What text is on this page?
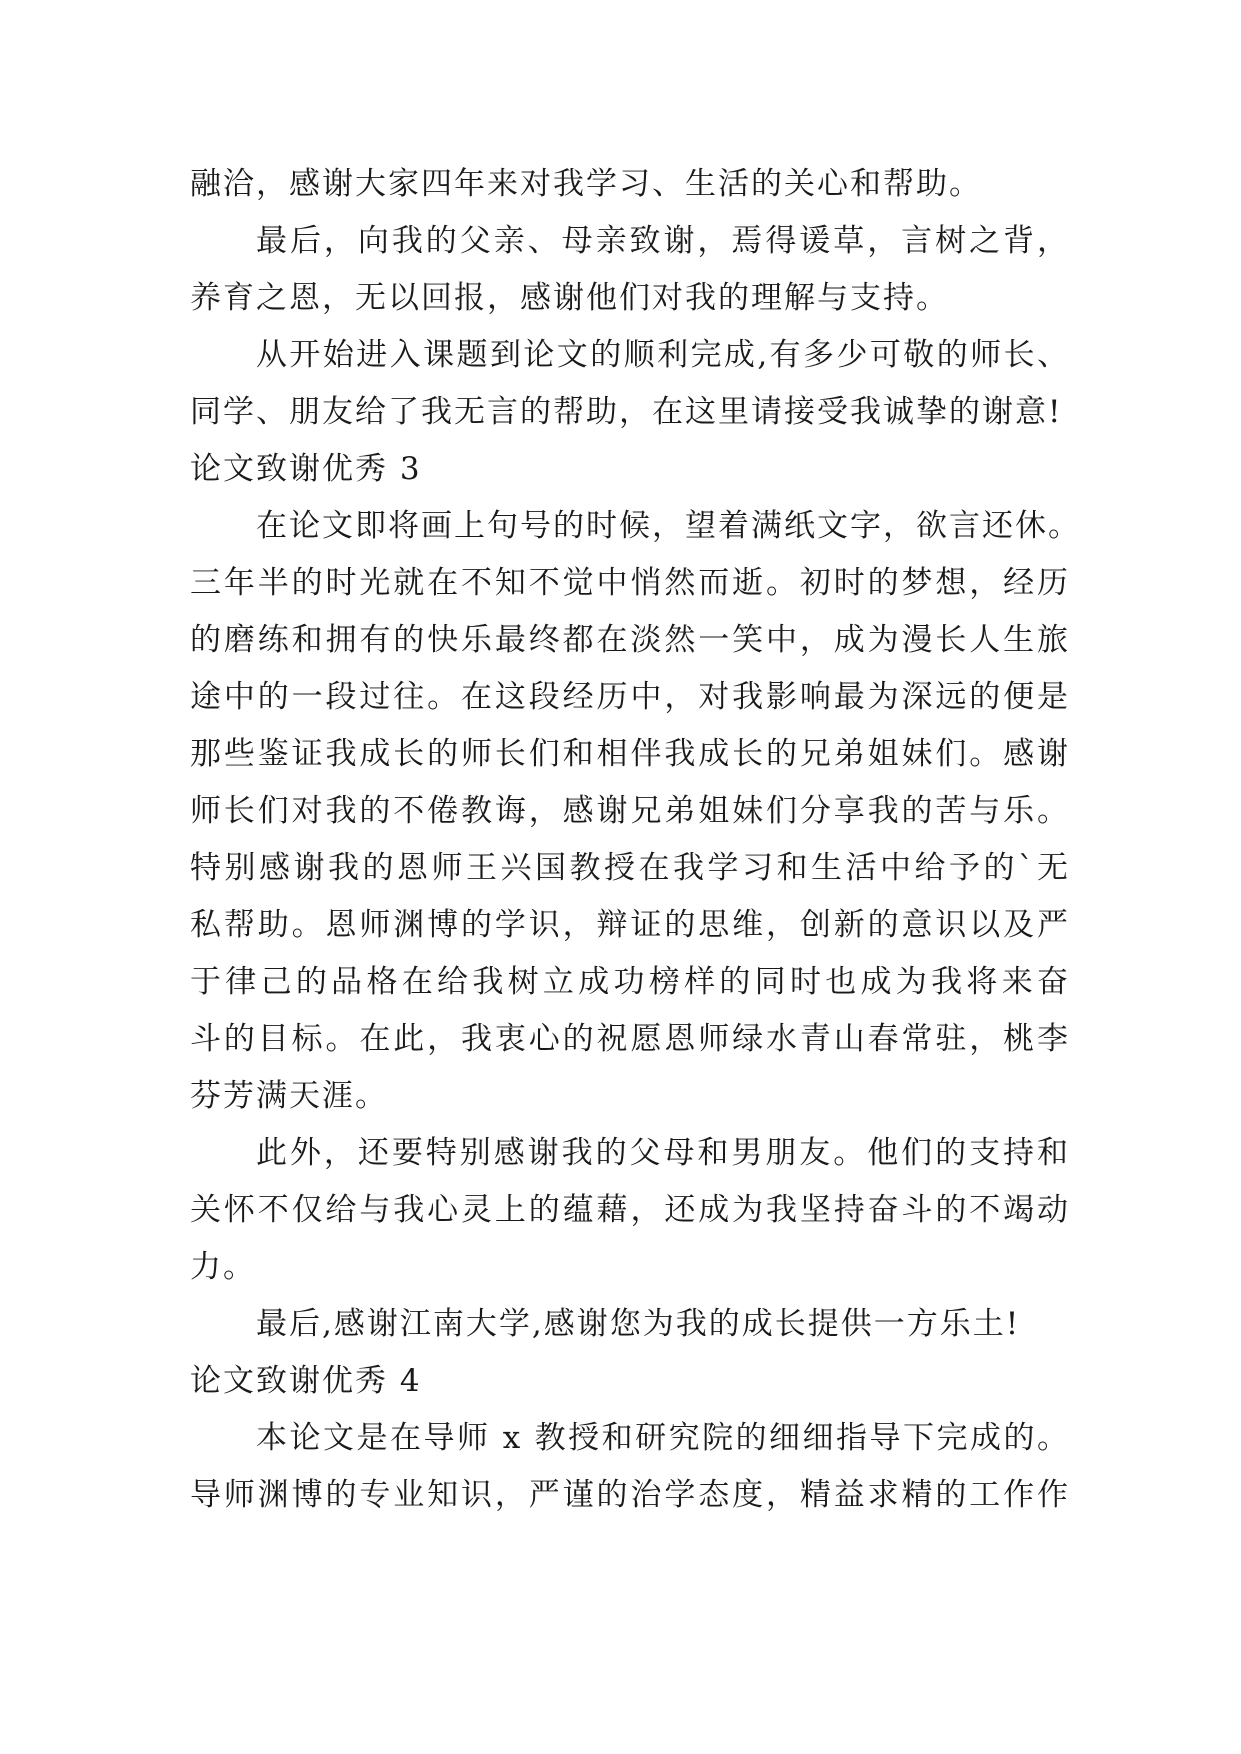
融洽，感谢大家四年来对我学习、生活的关心和帮助。
最后，向我的父亲、母亲致谢，焉得谖草，言树之背，
养育之恩，无以回报，感谢他们对我的理解与支持。
从开始进入课题到论文的顺利完成,有多少可敬的师长、
同学、朋友给了我无言的帮助，在这里请接受我诚挚的谢意!
论文致谢优秀 3
在论文即将画上句号的时候，望着满纸文字，欲言还休。
三年半的时光就在不知不觉中悄然而逝。初时的梦想，经历
的磨练和拥有的快乐最终都在淡然一笑中，成为漫长人生旅
途中的一段过往。在这段经历中，对我影响最为深远的便是
那些鉴证我成长的师长们和相伴我成长的兄弟姐妹们。感谢
师长们对我的不倦教诲，感谢兄弟姐妹们分享我的苦与乐。
特别感谢我的恩师王兴国教授在我学习和生活中给予的`无
私帮助。恩师渊博的学识，辩证的思维，创新的意识以及严
于律己的品格在给我树立成功榜样的同时也成为我将来奋
斗的目标。在此，我衷心的祝愿恩师绿水青山春常驻，桃李
芬芳满天涯。
此外，还要特别感谢我的父母和男朋友。他们的支持和
关怀不仅给与我心灵上的蕴藉，还成为我坚持奋斗的不竭动
力。
最后,感谢江南大学,感谢您为我的成长提供一方乐土!
论文致谢优秀 4
本论文是在导师 x 教授和研究院的细细指导下完成的。
导师渊博的专业知识，严谨的治学态度，精益求精的工作作
